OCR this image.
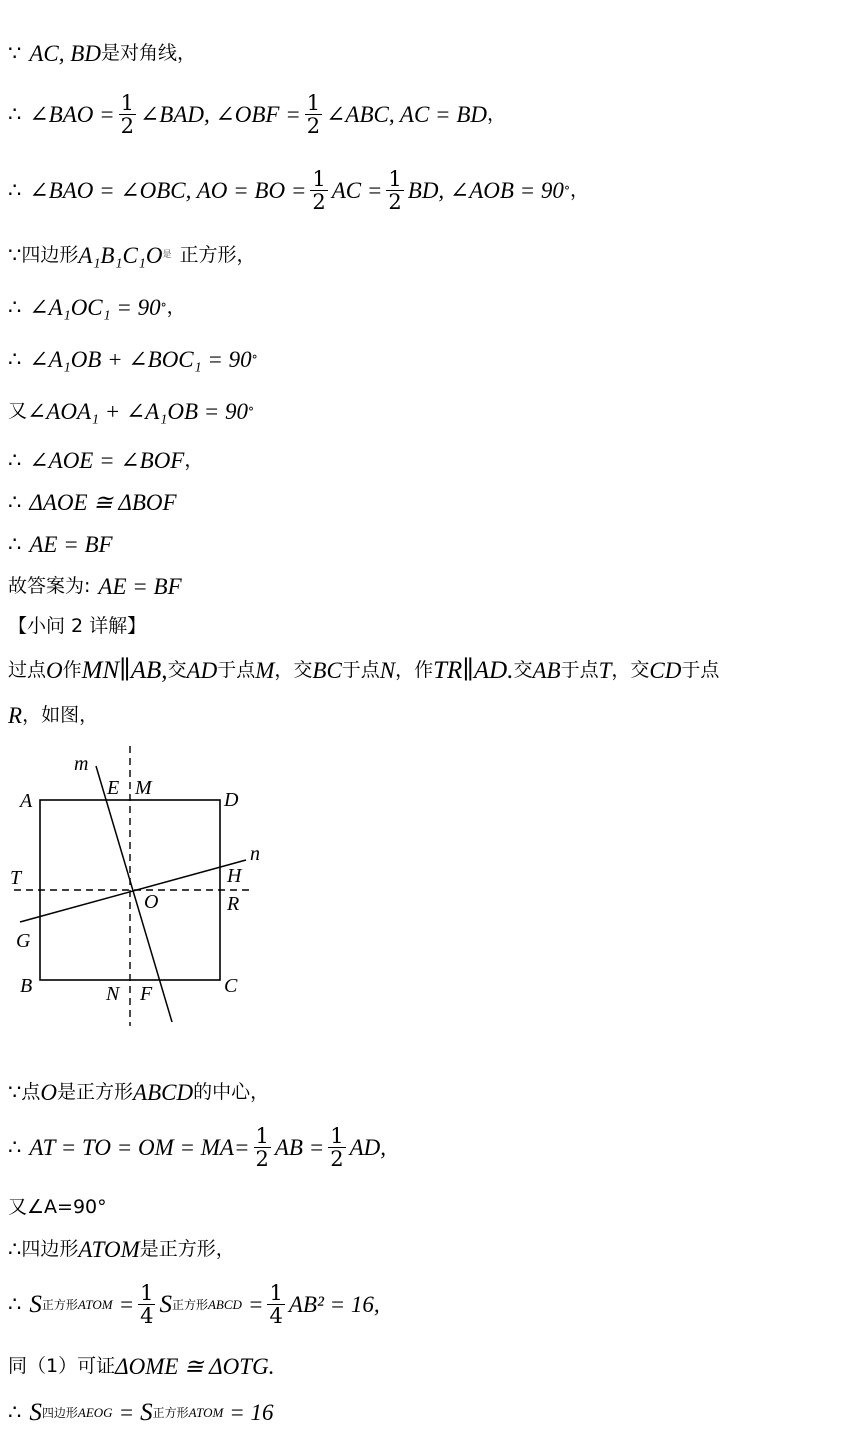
∵ AC, BD 是对角线，
∴ ∠BAO = $\frac{1}{2}$ ∠BAD, ∠OBF = $\frac{1}{2}$ ∠ABC, AC = BD ，
∴ ∠BAO = ∠OBC, AO = BO = $\frac{1}{2}$ AC = $\frac{1}{2}$ BD, ∠AOB = 90 ° ，
∵ 四边形 A₁B₁C₁O 是 正方形，
∴ ∠A₁OC₁ = 90 ° ，
∴ ∠A₁OB + ∠BOC₁ = 90 °
又 ∠AOA₁ + ∠A₁OB = 90 °
∴ ∠AOE = ∠BOF ，
∴ ΔAOE ≅ ΔBOF
∴ AE = BF
故答案为: AE = BF
【小问 2 详解】
过点 O 作 MN∥AB, 交 AD 于点 M ，交 BC 于点 N ，作 TR∥AD. 交 AB 于点 T ，交 CD 于点
R ，如图，
A
B	C
D
E M
m
n
T	H
R
O
G
N F
∵ 点 O 是正方形 ABCD 的中心，
∴ AT = TO = OM = $MA= \frac{1}{2}$ AB = $\frac{1}{2}$ AD,
又∠A=90°
∴ 四边形 ATOM 是正方形，
∴ S 正方形 ATOM = $\frac{1}{4}$ S 正方形 ABCD = $\frac{1}{4} AB^2 = 16$,
同（1）可证 ΔOME ≅ ΔOTG.
∴ S 四边形 AEOG = S 正方形 ATOM = 16
